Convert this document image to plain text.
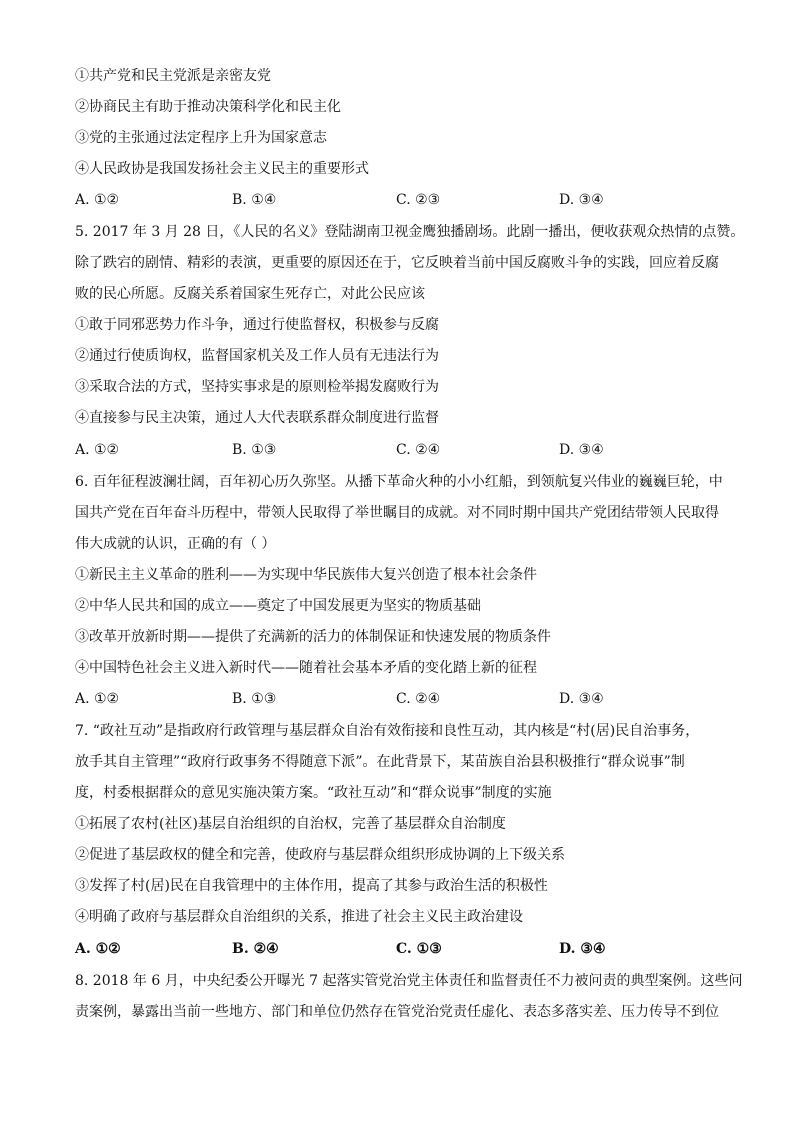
①共产党和民主党派是亲密友党
②协商民主有助于推动决策科学化和民主化
③党的主张通过法定程序上升为国家意志
④人民政协是我国发扬社会主义民主的重要形式
A. ①②	B. ①④	C. ②③	D. ③④
5. 2017 年 3 月 28 日，《人民的名义》登陆湖南卫视金鹰独播剧场。此剧一播出，便收获观众热情的点赞。
除了跌宕的剧情、精彩的表演，更重要的原因还在于，它反映着当前中国反腐败斗争的实践，回应着反腐
败的民心所愿。反腐关系着国家生死存亡，对此公民应该
①敢于同邪恶势力作斗争，通过行使监督权，积极参与反腐
②通过行使质询权，监督国家机关及工作人员有无违法行为
③采取合法的方式，坚持实事求是的原则检举揭发腐败行为
④直接参与民主决策，通过人大代表联系群众制度进行监督
A. ①②	B. ①③	C. ②④	D. ③④
6. 百年征程波澜壮阔，百年初心历久弥坚。从播下革命火种的小小红船，到领航复兴伟业的巍巍巨轮，中
国共产党在百年奋斗历程中，带领人民取得了举世瞩目的成就。对不同时期中国共产党团结带领人民取得
伟大成就的认识，正确的有（ ）
①新民主主义革命的胜利——为实现中华民族伟大复兴创造了根本社会条件
②中华人民共和国的成立——奠定了中国发展更为坚实的物质基础
③改革开放新时期——提供了充满新的活力的体制保证和快速发展的物质条件
④中国特色社会主义进入新时代——随着社会基本矛盾的变化踏上新的征程
A. ①②	B. ①③	C. ②④	D. ③④
7. “政社互动”是指政府行政管理与基层群众自治有效衔接和良性互动，其内核是“村(居)民自治事务，
放手其自主管理”“政府行政事务不得随意下派”。在此背景下，某苗族自治县积极推行“群众说事”制
度，村委根据群众的意见实施决策方案。“政社互动”和“群众说事”制度的实施
①拓展了农村(社区)基层自治组织的自治权，完善了基层群众自治制度
②促进了基层政权的健全和完善，使政府与基层群众组织形成协调的上下级关系
③发挥了村(居)民在自我管理中的主体作用，提高了其参与政治生活的积极性
④明确了政府与基层群众自治组织的关系，推进了社会主义民主政治建设
A. ①②	B. ②④	C. ①③	D. ③④
8. 2018 年 6 月，中央纪委公开曝光 7 起落实管党治党主体责任和监督责任不力被问责的典型案例。这些问
责案例，暴露出当前一些地方、部门和单位仍然存在管党治党责任虚化、表态多落实差、压力传导不到位
